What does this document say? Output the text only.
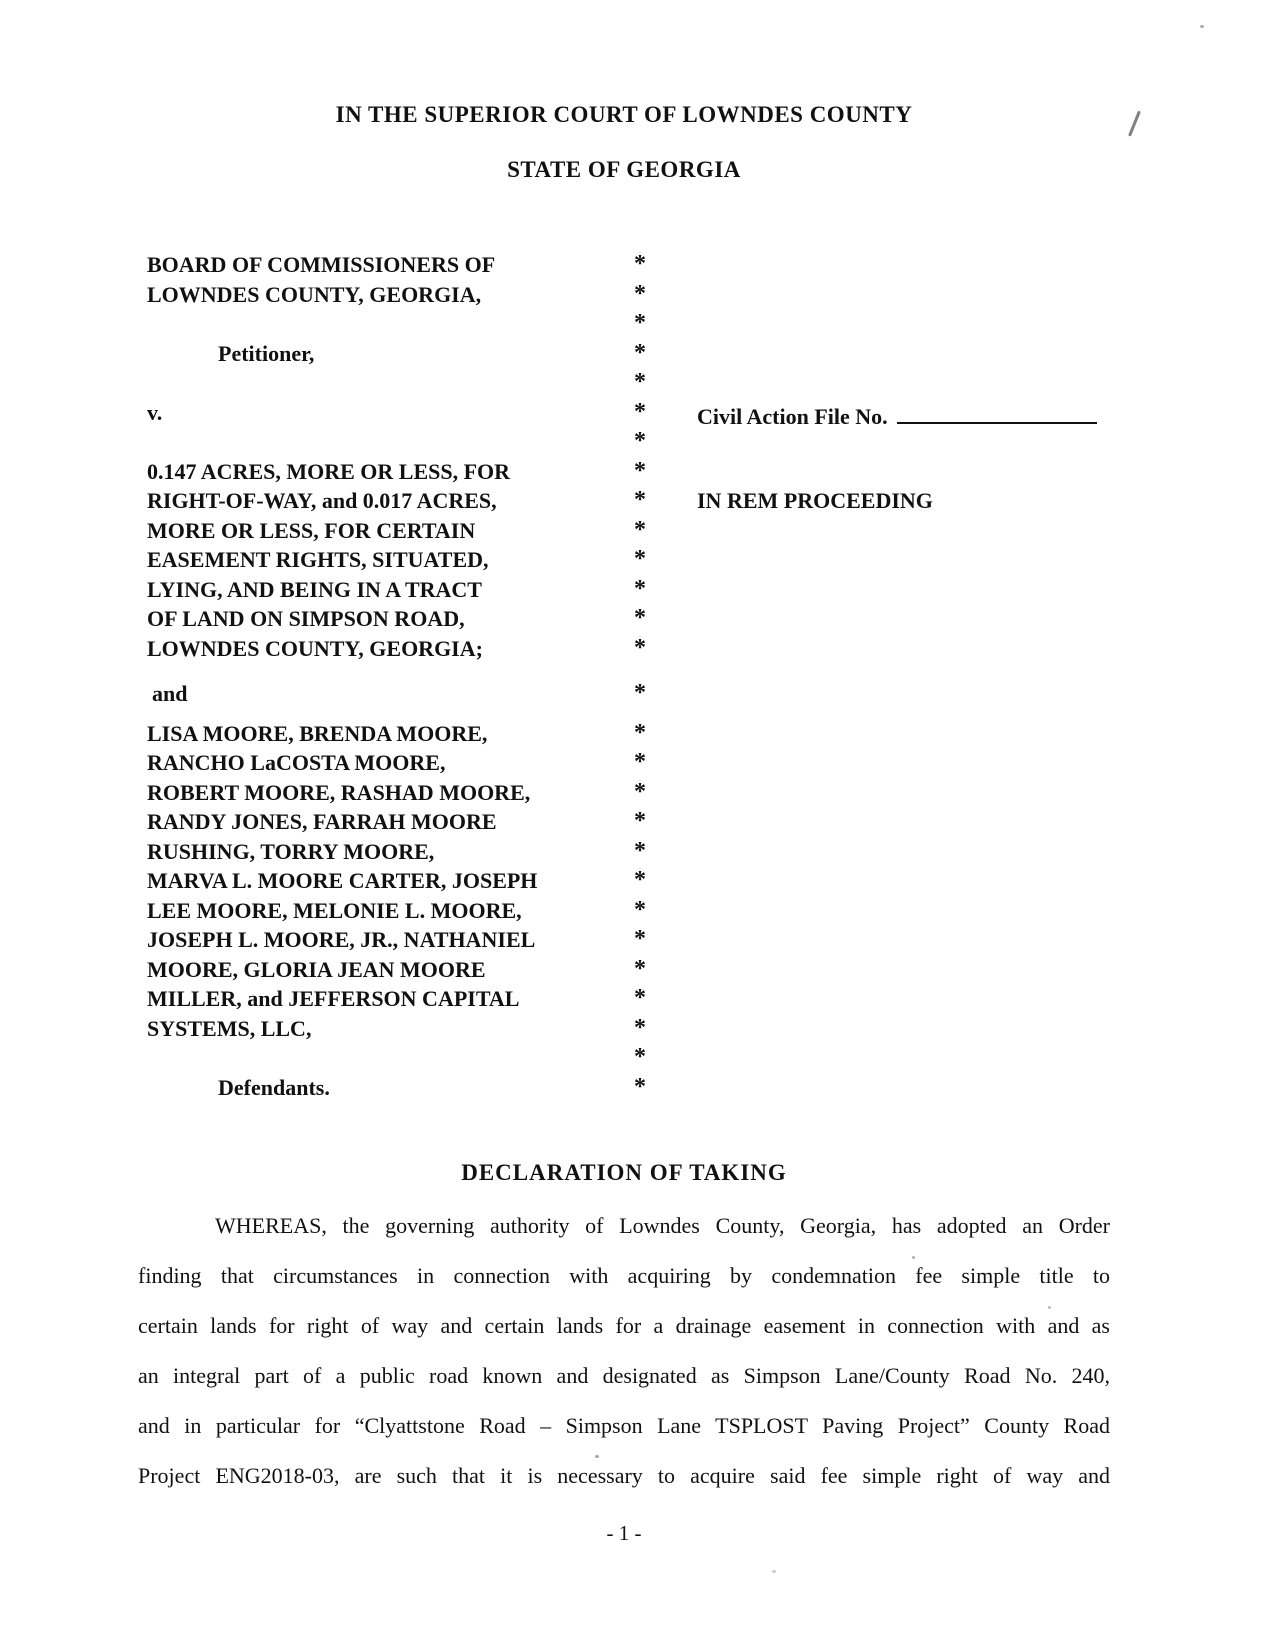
IN THE SUPERIOR COURT OF LOWNDES COUNTY
STATE OF GEORGIA
BOARD OF COMMISSIONERS OF	*
LOWNDES COUNTY, GEORGIA,	*
*
Petitioner,	*
*
v.	*	Civil Action File No.
*
0.147 ACRES, MORE OR LESS, FOR	*
RIGHT-OF-WAY, and 0.017 ACRES,	*	IN REM PROCEEDING
MORE OR LESS, FOR CERTAIN	*
EASEMENT RIGHTS, SITUATED,	*
LYING, AND BEING IN A TRACT	*
OF LAND ON SIMPSON ROAD,	*
LOWNDES COUNTY, GEORGIA;	*
and	*
LISA MOORE, BRENDA MOORE,	*
RANCHO LaCOSTA MOORE,	*
ROBERT MOORE, RASHAD MOORE,	*
RANDY JONES, FARRAH MOORE	*
RUSHING, TORRY MOORE,	*
MARVA L. MOORE CARTER, JOSEPH	*
LEE MOORE, MELONIE L. MOORE,	*
JOSEPH L. MOORE, JR., NATHANIEL	*
MOORE, GLORIA JEAN MOORE	*
MILLER, and JEFFERSON CAPITAL	*
SYSTEMS, LLC,	*
*
Defendants.	*
DECLARATION OF TAKING
WHEREAS, the governing authority of Lowndes County, Georgia, has adopted an Order
finding that circumstances in connection with acquiring by condemnation fee simple title to
certain lands for right of way and certain lands for a drainage easement in connection with and as
an integral part of a public road known and designated as Simpson Lane/County Road No. 240,
and in particular for “Clyattstone Road – Simpson Lane TSPLOST Paving Project” County Road
Project ENG2018-03, are such that it is necessary to acquire said fee simple right of way and
- 1 -
